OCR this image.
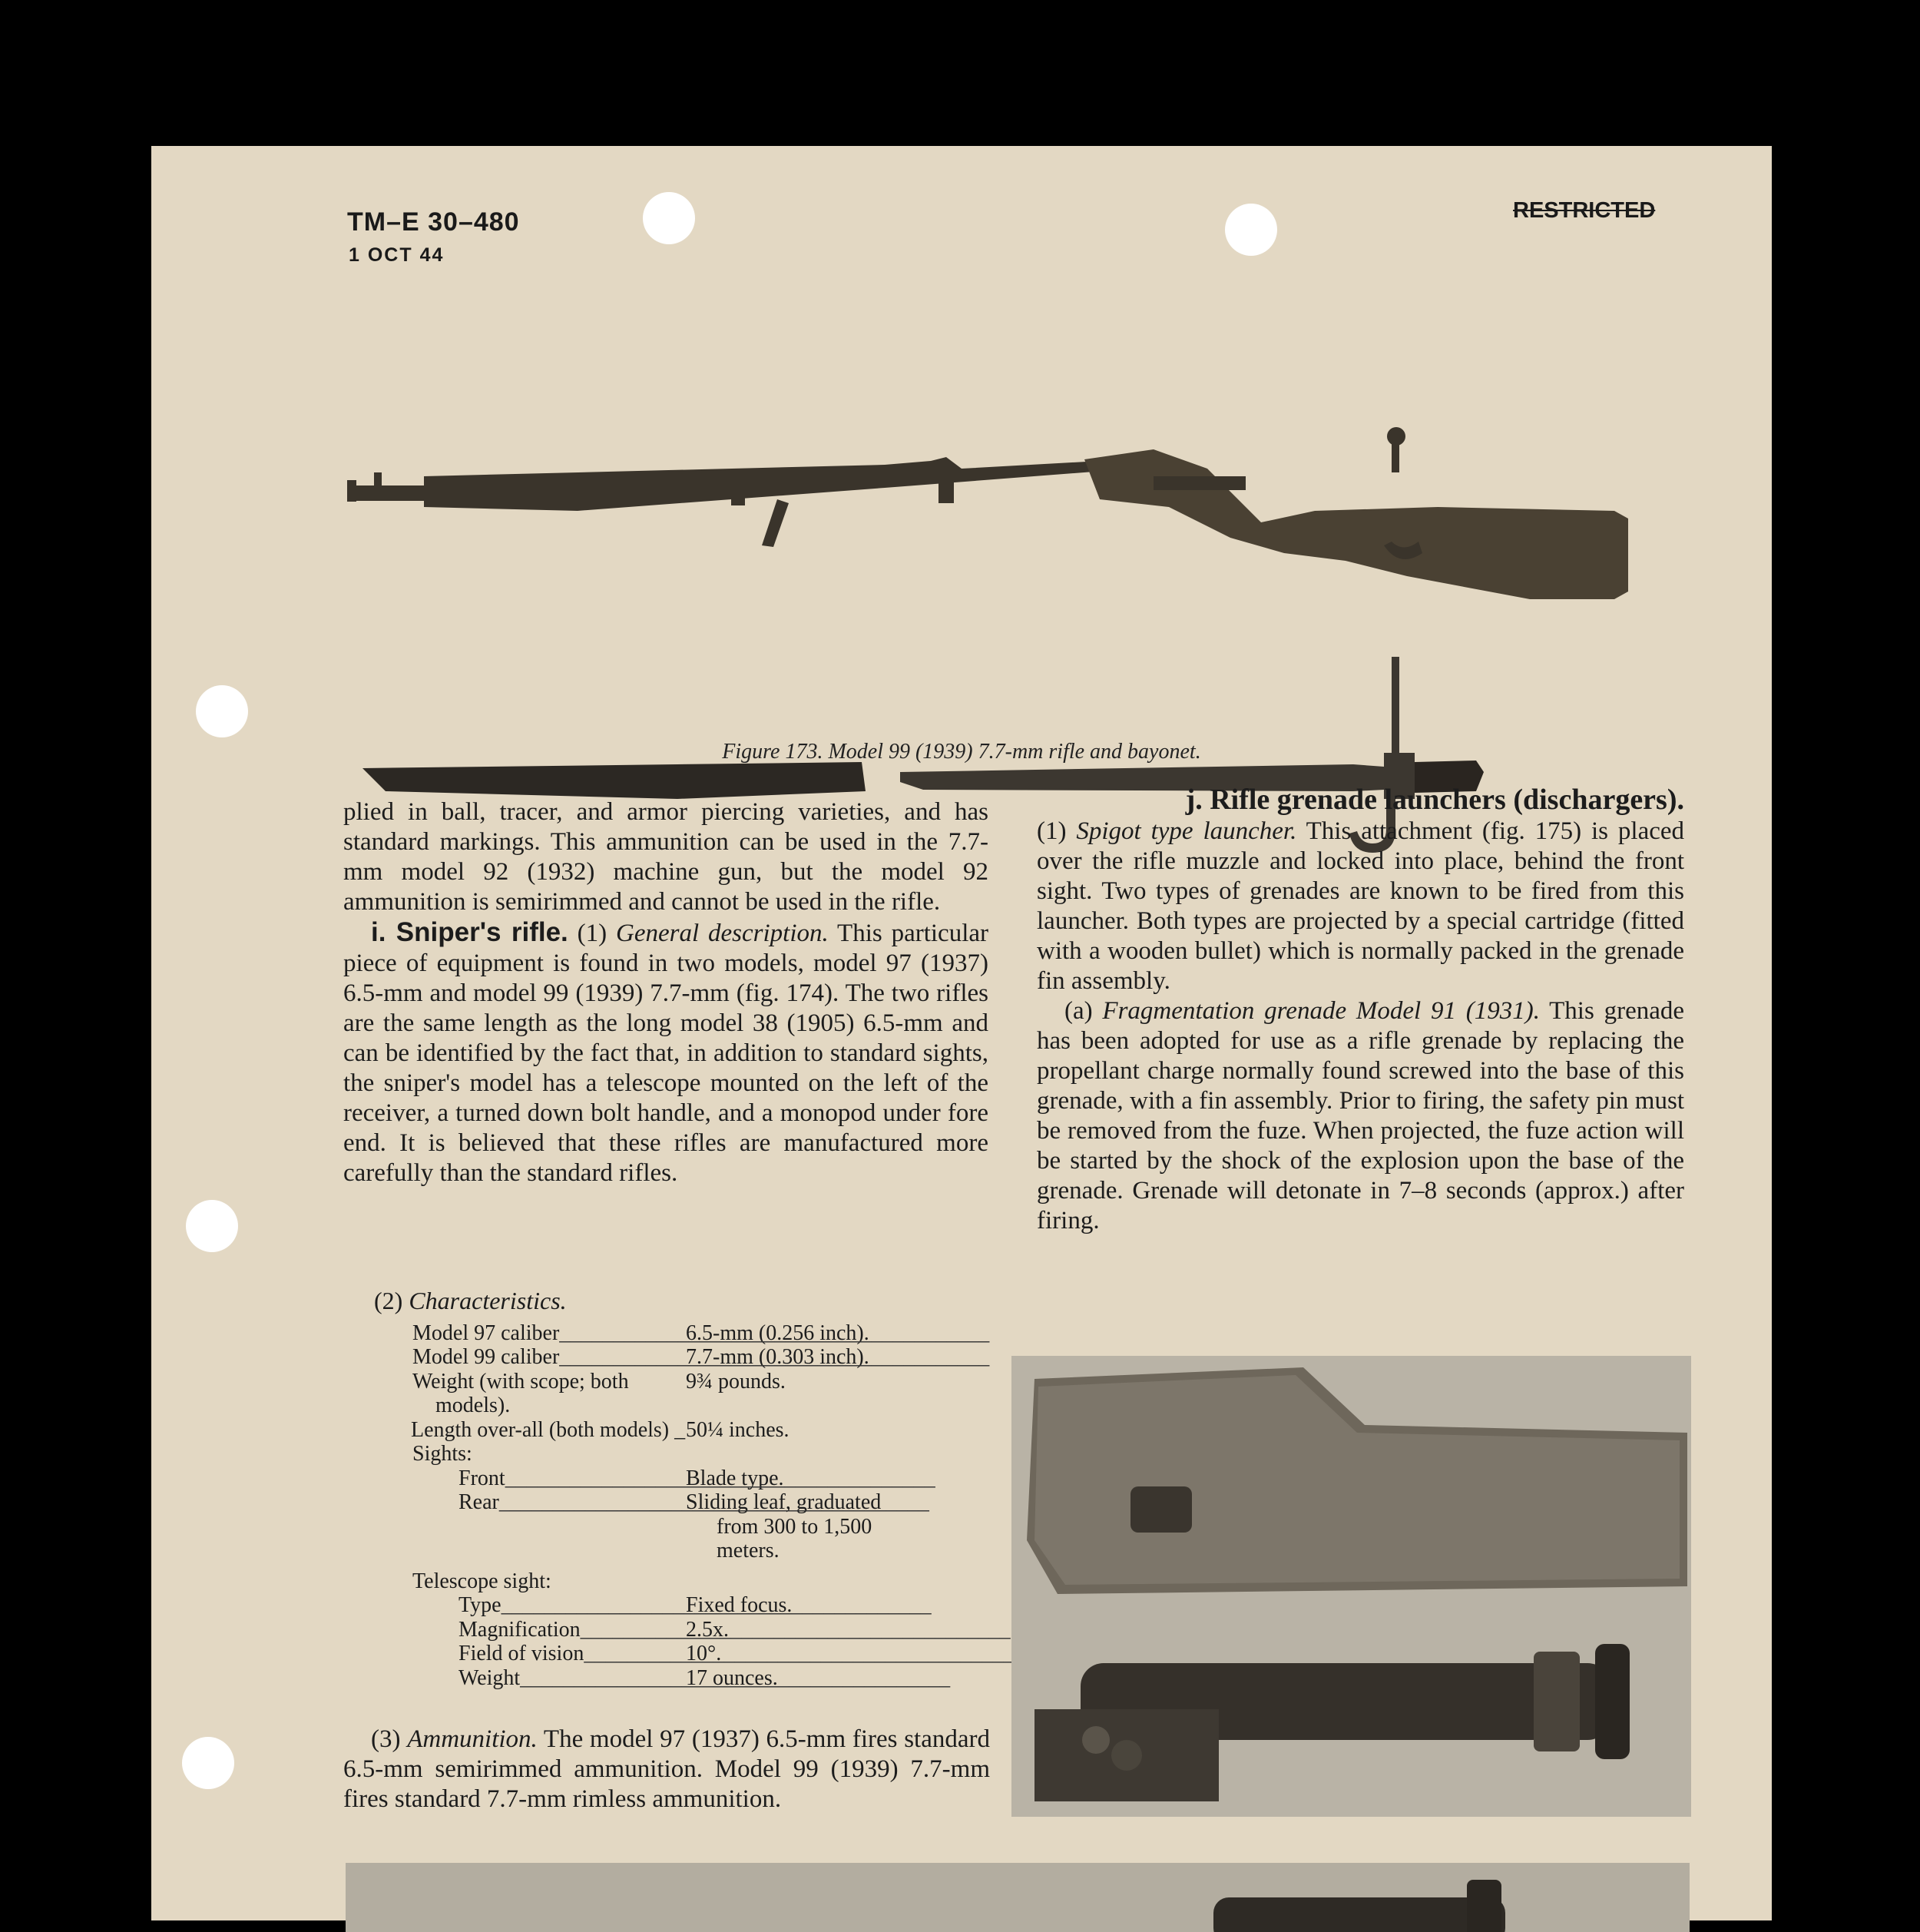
TM–E 30–480
1 OCT 44
RESTRICTED
Figure 173. Model 99 (1939) 7.7-mm rifle and bayonet.

plied in ball, tracer, and armor piercing varieties, and has standard markings. This ammunition can be used in the 7.7-mm model 92 (1932) machine gun, but the model 92 ammunition is semirimmed and cannot be used in the rifle.

i. Sniper's rifle. (1) General description. This particular piece of equipment is found in two models, model 97 (1937) 6.5-mm and model 99 (1939) 7.7-mm (fig. 174). The two rifles are the same length as the long model 38 (1905) 6.5-mm and can be identified by the fact that, in addition to standard sights, the sniper's model has a telescope mounted on the left of the receiver, a turned down bolt handle, and a monopod under fore end. It is believed that these rifles are manufactured more carefully than the standard rifles.

(2) Characteristics.
Model 97 caliber _____	6.5-mm (0.256 inch).
Model 99 caliber _____	7.7-mm (0.303 inch).
Weight (with scope; both	9¾ pounds.
models).
Length over-all (both models) _ 50¼ inches.
Sights:
Front _____	Blade type.
Rear _____	Sliding leaf, graduated
from 300 to 1,500
meters.
Telescope sight:
Type _____	Fixed focus.
Magnification _____	2.5x.
Field of vision _____	10°.
Weight _____	17 ounces.

(3) Ammunition. The model 97 (1937) 6.5-mm fires standard 6.5-mm semirimmed ammunition. Model 99 (1939) 7.7-mm fires standard 7.7-mm rimless ammunition.

j. Rifle grenade launchers (dischargers).

(1) Spigot type launcher. This attachment (fig. 175) is placed over the rifle muzzle and locked into place, behind the front sight. Two types of grenades are known to be fired from this launcher. Both types are projected by a special cartridge (fitted with a wooden bullet) which is normally packed in the grenade fin assembly.

(a) Fragmentation grenade Model 91 (1931). This grenade has been adopted for use as a rifle grenade by replacing the propellant charge normally found screwed into the base of this grenade, with a fin assembly. Prior to firing, the safety pin must be removed from the fuze. When projected, the fuze action will be started by the shock of the explosion upon the base of the grenade. Grenade will detonate in 7–8 seconds (approx.) after firing.
